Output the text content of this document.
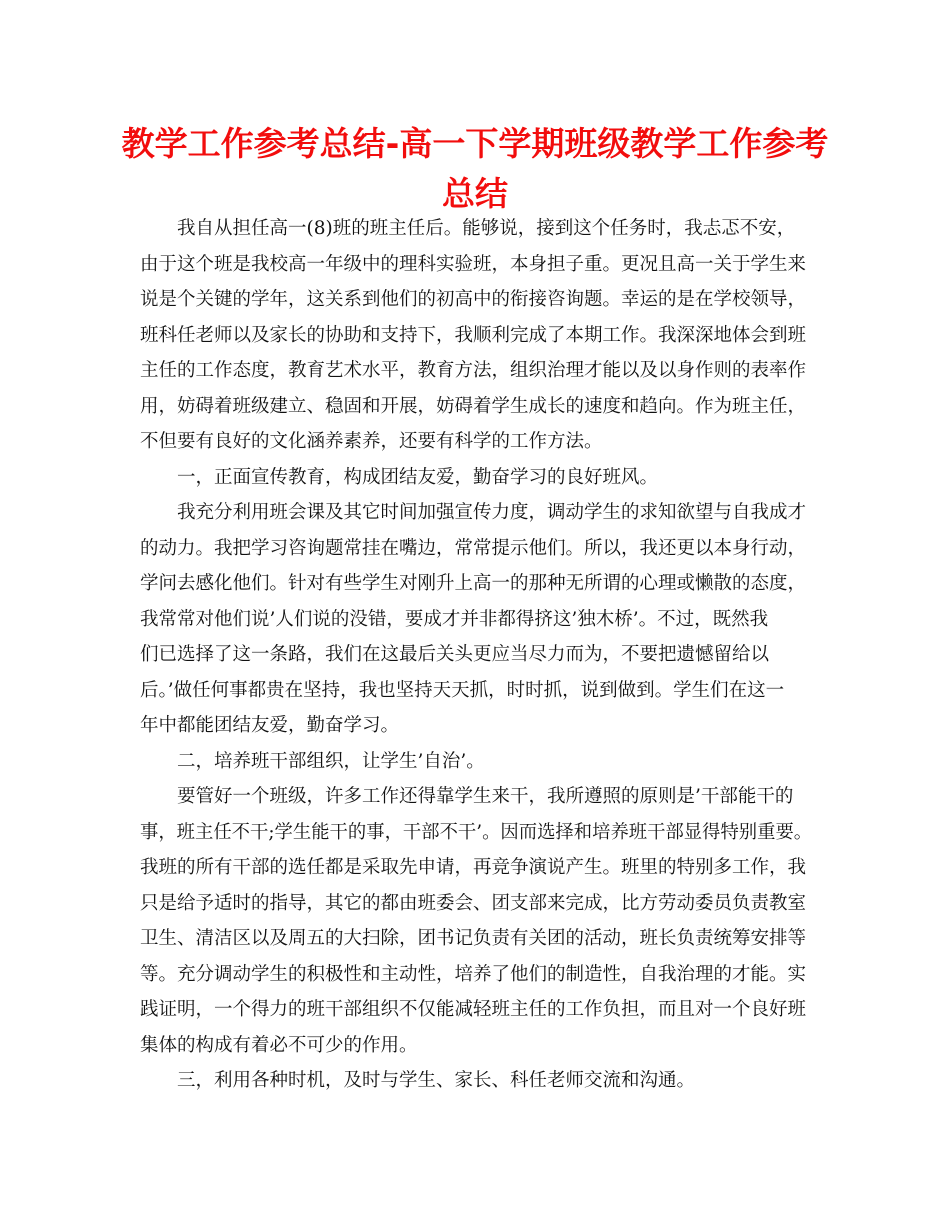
教学工作参考总结-高一下学期班级教学工作参考
总结
我自从担任高一(8)班的班主任后。能够说，接到这个任务时，我忐忑不安，
由于这个班是我校高一年级中的理科实验班，本身担子重。更况且高一关于学生来
说是个关键的学年，这关系到他们的初高中的衔接咨询题。幸运的是在学校领导，
班科任老师以及家长的协助和支持下，我顺利完成了本期工作。我深深地体会到班
主任的工作态度，教育艺术水平，教育方法，组织治理才能以及以身作则的表率作
用，妨碍着班级建立、稳固和开展，妨碍着学生成长的速度和趋向。作为班主任，
不但要有良好的文化涵养素养，还要有科学的工作方法。
一，正面宣传教育，构成团结友爱，勤奋学习的良好班风。
我充分利用班会课及其它时间加强宣传力度，调动学生的求知欲望与自我成才
的动力。我把学习咨询题常挂在嘴边，常常提示他们。所以，我还更以本身行动，
学问去感化他们。针对有些学生对刚升上高一的那种无所谓的心理或懒散的态度，
我常常对他们说’人们说的没错，要成才并非都得挤这’独木桥’。不过，既然我
们已选择了这一条路，我们在这最后关头更应当尽力而为，不要把遗憾留给以
后。’做任何事都贵在坚持，我也坚持天天抓，时时抓，说到做到。学生们在这一
年中都能团结友爱，勤奋学习。
二，培养班干部组织，让学生’自治’。
要管好一个班级，许多工作还得靠学生来干，我所遵照的原则是’干部能干的
事，班主任不干;学生能干的事，干部不干’。因而选择和培养班干部显得特别重要。
我班的所有干部的选任都是采取先申请，再竞争演说产生。班里的特别多工作，我
只是给予适时的指导，其它的都由班委会、团支部来完成，比方劳动委员负责教室
卫生、清洁区以及周五的大扫除，团书记负责有关团的活动，班长负责统筹安排等
等。充分调动学生的积极性和主动性，培养了他们的制造性，自我治理的才能。实
践证明，一个得力的班干部组织不仅能减轻班主任的工作负担，而且对一个良好班
集体的构成有着必不可少的作用。
三，利用各种时机，及时与学生、家长、科任老师交流和沟通。
